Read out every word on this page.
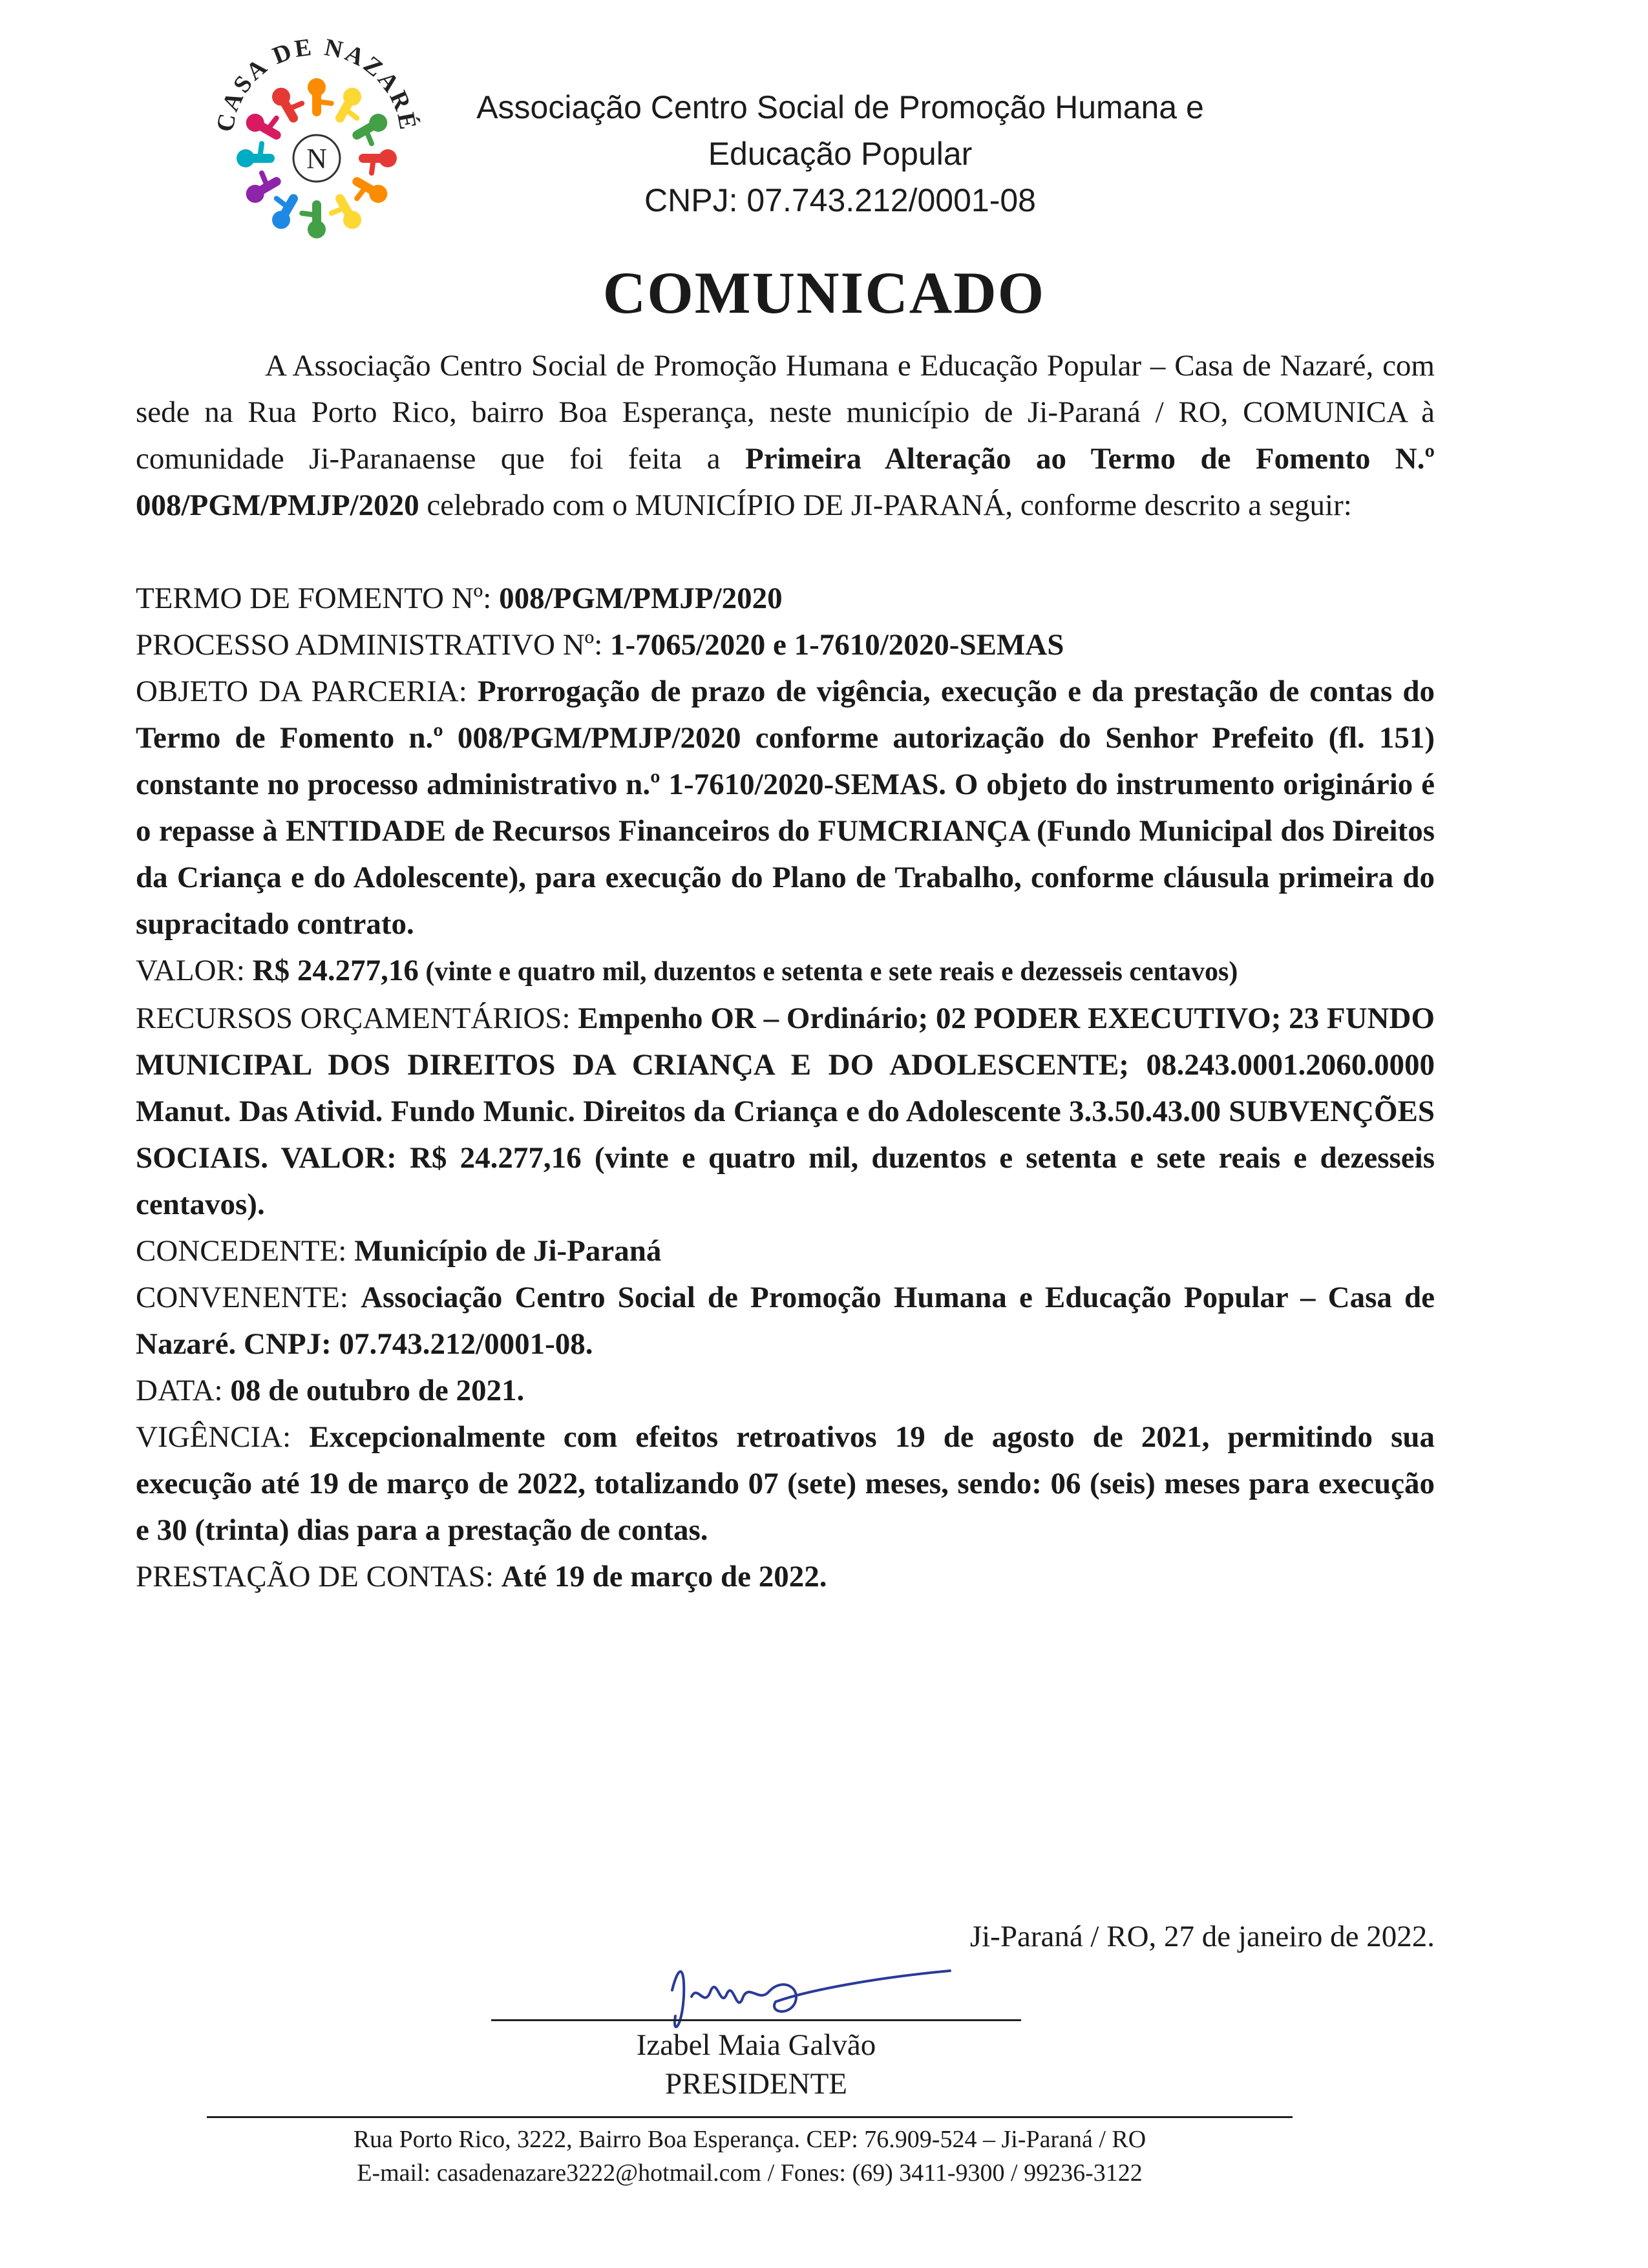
CASA DE NAZARÉ
N
Associação Centro Social de Promoção Humana e
Educação Popular
CNPJ: 07.743.212/0001-08
COMUNICADO

A Associação Centro Social de Promoção Humana e Educação Popular – Casa de Nazaré, com sede na Rua Porto Rico, bairro Boa Esperança, neste município de Ji-Paraná / RO, COMUNICA à comunidade Ji-Paranaense que foi feita a Primeira Alteração ao Termo de Fomento N.º 008/PGM/PMJP/2020 celebrado com o MUNICÍPIO DE JI-PARANÁ, conforme descrito a seguir:

TERMO DE FOMENTO Nº: 008/PGM/PMJP/2020

PROCESSO ADMINISTRATIVO Nº: 1-7065/2020 e 1-7610/2020-SEMAS

OBJETO DA PARCERIA: Prorrogação de prazo de vigência, execução e da prestação de contas do Termo de Fomento n.º 008/PGM/PMJP/2020 conforme autorização do Senhor Prefeito (fl. 151) constante no processo administrativo n.º 1-7610/2020-SEMAS. O objeto do instrumento originário é o repasse à ENTIDADE de Recursos Financeiros do FUMCRIANÇA (Fundo Municipal dos Direitos da Criança e do Adolescente), para execução do Plano de Trabalho, conforme cláusula primeira do supracitado contrato.

VALOR: R$ 24.277,16 (vinte e quatro mil, duzentos e setenta e sete reais e dezesseis centavos)

RECURSOS ORÇAMENTÁRIOS: Empenho OR – Ordinário; 02 PODER EXECUTIVO; 23 FUNDO MUNICIPAL DOS DIREITOS DA CRIANÇA E DO ADOLESCENTE; 08.243.0001.2060.0000 Manut. Das Ativid. Fundo Munic. Direitos da Criança e do Adolescente 3.3.50.43.00 SUBVENÇÕES SOCIAIS. VALOR: R$ 24.277,16 (vinte e quatro mil, duzentos e setenta e sete reais e dezesseis centavos).

CONCEDENTE: Município de Ji-Paraná

CONVENENTE: Associação Centro Social de Promoção Humana e Educação Popular – Casa de Nazaré. CNPJ: 07.743.212/0001-08.

DATA: 08 de outubro de 2021.

VIGÊNCIA: Excepcionalmente com efeitos retroativos 19 de agosto de 2021, permitindo sua execução até 19 de março de 2022, totalizando 07 (sete) meses, sendo: 06 (seis) meses para execução e 30 (trinta) dias para a prestação de contas.

PRESTAÇÃO DE CONTAS: Até 19 de março de 2022.

Ji-Paraná / RO, 27 de janeiro de 2022.
Izabel Maia Galvão
PRESIDENTE
Rua Porto Rico, 3222, Bairro Boa Esperança. CEP: 76.909-524 – Ji-Paraná / RO
E-mail: casadenazare3222@hotmail.com / Fones: (69) 3411-9300 / 99236-3122
